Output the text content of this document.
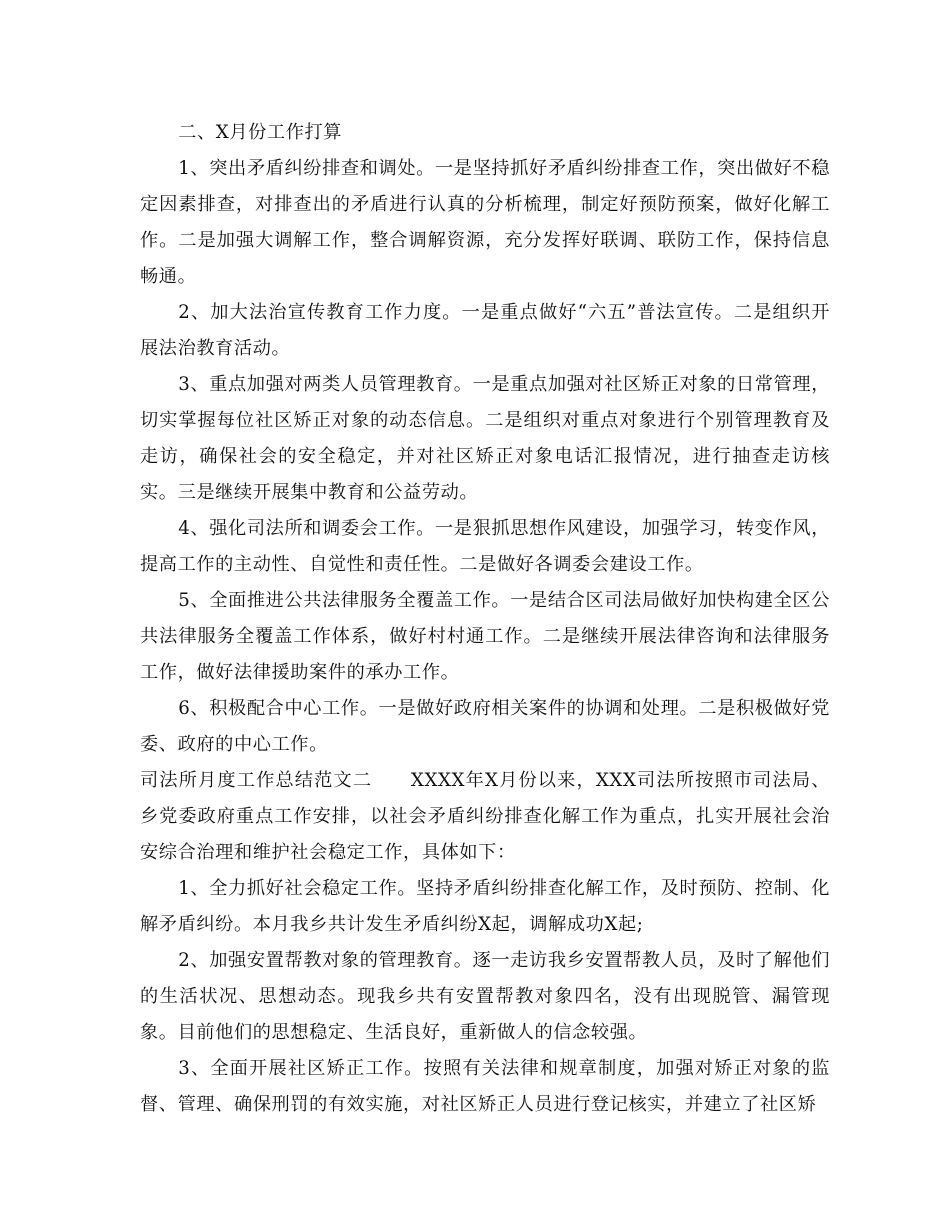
二、X月份工作打算

1、突出矛盾纠纷排查和调处。一是坚持抓好矛盾纠纷排查工作，突出做好不稳定因素排查，对排查出的矛盾进行认真的分析梳理，制定好预防预案，做好化解工作。二是加强大调解工作，整合调解资源，充分发挥好联调、联防工作，保持信息畅通。

2、加大法治宣传教育工作力度。一是重点做好“六五”普法宣传。二是组织开展法治教育活动。

3、重点加强对两类人员管理教育。一是重点加强对社区矫正对象的日常管理，切实掌握每位社区矫正对象的动态信息。二是组织对重点对象进行个别管理教育及走访，确保社会的安全稳定，并对社区矫正对象电话汇报情况，进行抽查走访核实。三是继续开展集中教育和公益劳动。

4、强化司法所和调委会工作。一是狠抓思想作风建设，加强学习，转变作风，提高工作的主动性、自觉性和责任性。二是做好各调委会建设工作。

5、全面推进公共法律服务全覆盖工作。一是结合区司法局做好加快构建全区公共法律服务全覆盖工作体系，做好村村通工作。二是继续开展法律咨询和法律服务工作，做好法律援助案件的承办工作。

6、积极配合中心工作。一是做好政府相关案件的协调和处理。二是积极做好党委、政府的中心工作。

司法所月度工作总结范文二　　XXXX年X月份以来，XXX司法所按照市司法局、乡党委政府重点工作安排，以社会矛盾纠纷排查化解工作为重点，扎实开展社会治安综合治理和维护社会稳定工作，具体如下：

1、全力抓好社会稳定工作。坚持矛盾纠纷排查化解工作，及时预防、控制、化解矛盾纠纷。本月我乡共计发生矛盾纠纷X起，调解成功X起;

2、加强安置帮教对象的管理教育。逐一走访我乡安置帮教人员，及时了解他们的生活状况、思想动态。现我乡共有安置帮教对象四名，没有出现脱管、漏管现象。目前他们的思想稳定、生活良好，重新做人的信念较强。

3、全面开展社区矫正工作。按照有关法律和规章制度，加强对矫正对象的监督、管理、确保刑罚的有效实施，对社区矫正人员进行登记核实，并建立了社区矫
